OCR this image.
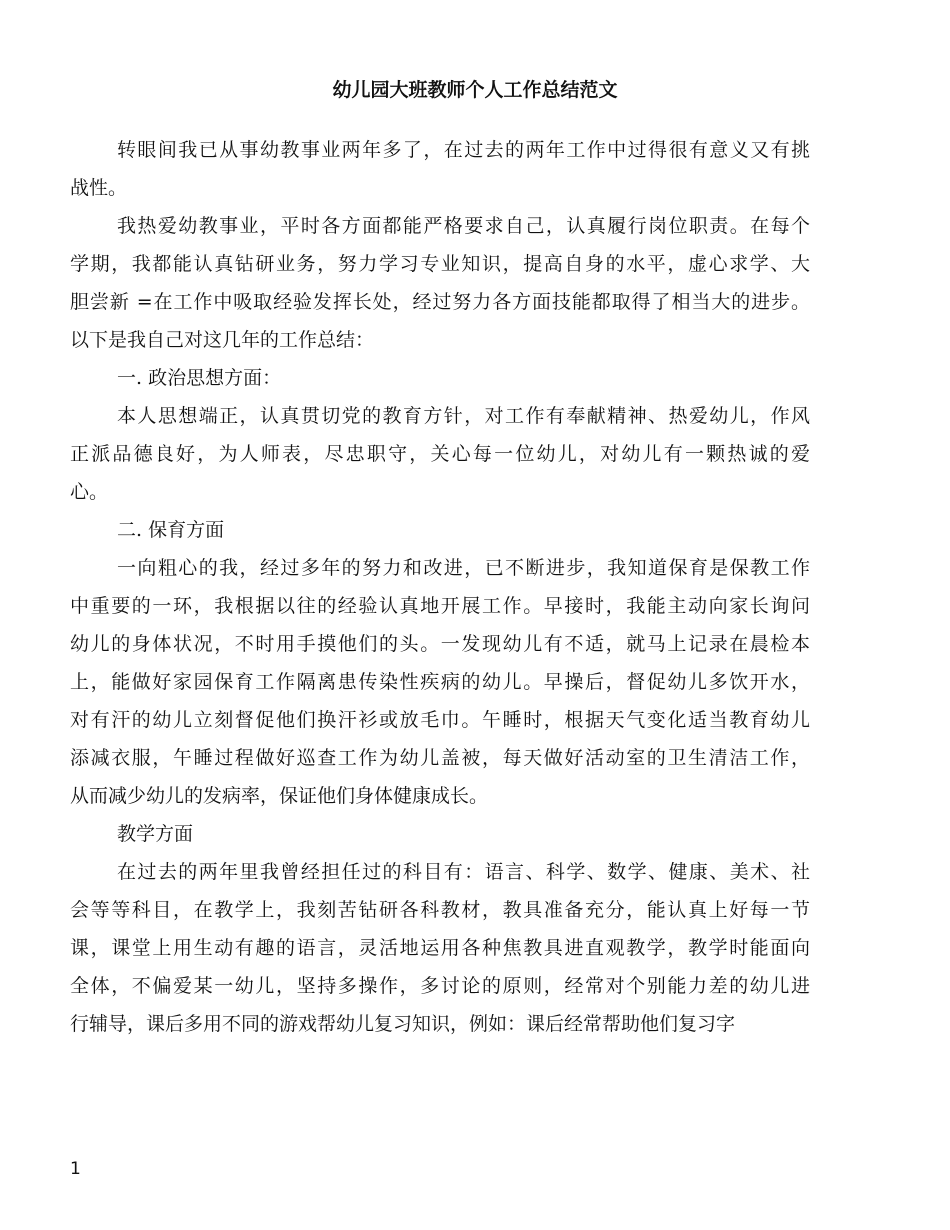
幼儿园大班教师个人工作总结范文
转眼间我已从事幼教事业两年多了，在过去的两年工作中过得很有意义又有挑
战性。
我热爱幼教事业，平时各方面都能严格要求自己，认真履行岗位职责。在每个
学期，我都能认真钻研业务，努力学习专业知识，提高自身的水平，虚心求学、大
胆尝新 =在工作中吸取经验发挥长处，经过努力各方面技能都取得了相当大的进步。
以下是我自己对这几年的工作总结：
一. 政治思想方面：
本人思想端正，认真贯切党的教育方针，对工作有奉献精神、热爱幼儿，作风
正派品德良好，为人师表，尽忠职守，关心每一位幼儿，对幼儿有一颗热诚的爱
心。
二. 保育方面
一向粗心的我，经过多年的努力和改进，已不断进步，我知道保育是保教工作
中重要的一环，我根据以往的经验认真地开展工作。早接时，我能主动向家长询问
幼儿的身体状况，不时用手摸他们的头。一发现幼儿有不适，就马上记录在晨检本
上，能做好家园保育工作隔离患传染性疾病的幼儿。早操后，督促幼儿多饮开水，
对有汗的幼儿立刻督促他们换汗衫或放毛巾。午睡时，根据天气变化适当教育幼儿
添减衣服，午睡过程做好巡查工作为幼儿盖被，每天做好活动室的卫生清洁工作，
从而减少幼儿的发病率，保证他们身体健康成长。
教学方面
在过去的两年里我曾经担任过的科目有：语言、科学、数学、健康、美术、社
会等等科目，在教学上，我刻苦钻研各科教材，教具准备充分，能认真上好每一节
课，课堂上用生动有趣的语言，灵活地运用各种焦教具进直观教学，教学时能面向
全体，不偏爱某一幼儿，坚持多操作，多讨论的原则，经常对个别能力差的幼儿进
行辅导，课后多用不同的游戏帮幼儿复习知识，例如：课后经常帮助他们复习字
1
